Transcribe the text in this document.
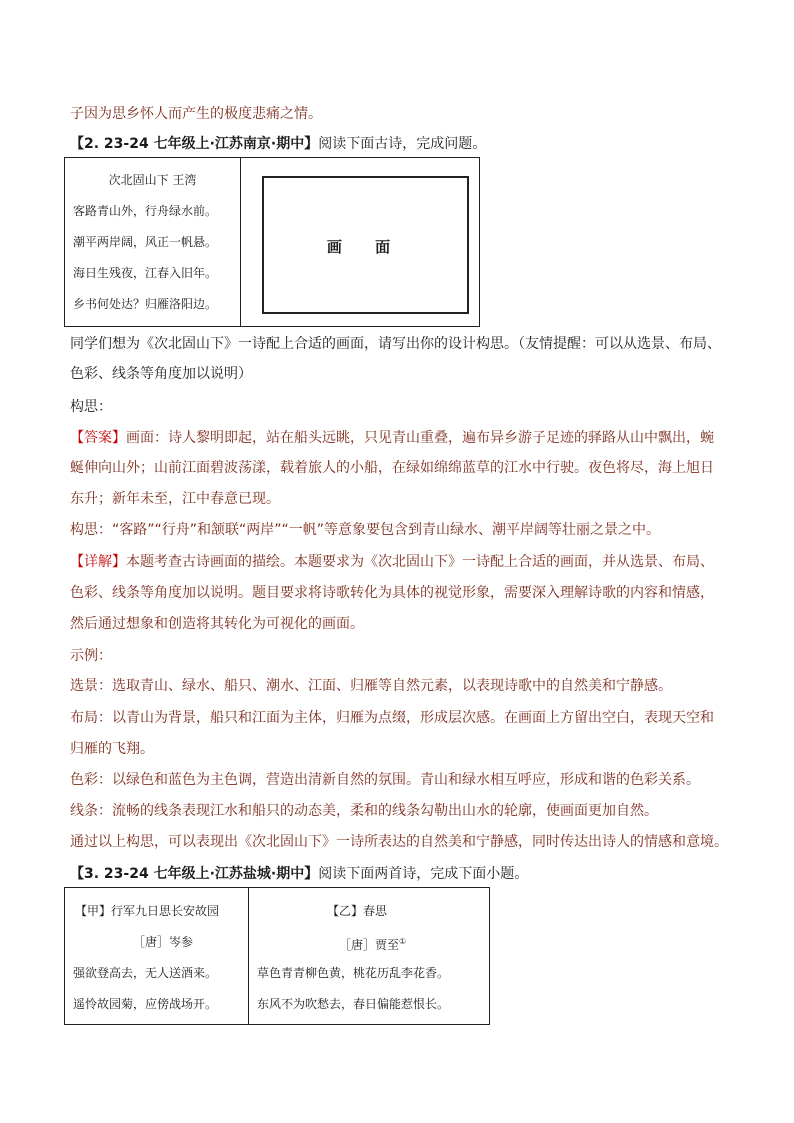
子因为思乡怀人而产生的极度悲痛之情。
【2. 23-24 七年级上·江苏南京·期中】阅读下面古诗，完成问题。
次北固山下 王湾
客路青山外，行舟绿水前。
潮平两岸阔，风正一帆悬。
海日生残夜，江春入旧年。
乡书何处达？归雁洛阳边。

画 面
同学们想为《次北固山下》一诗配上合适的画面，请写出你的设计构思。（友情提醒：可以从选景、布局、
色彩、线条等角度加以说明）
构思：
【答案】画面：诗人黎明即起，站在船头远眺，只见青山重叠，遍布异乡游子足迹的驿路从山中飘出，蜿
蜒伸向山外；山前江面碧波荡漾，载着旅人的小船，在绿如绵绵蓝草的江水中行驶。夜色将尽，海上旭日
东升；新年未至，江中春意已现。
构思：“客路”“行舟”和颔联“两岸”“一帆”等意象要包含到青山绿水、潮平岸阔等壮丽之景之中。
【详解】本题考查古诗画面的描绘。本题要求为《次北固山下》一诗配上合适的画面，并从选景、布局、
色彩、线条等角度加以说明。题目要求将诗歌转化为具体的视觉形象，需要深入理解诗歌的内容和情感，
然后通过想象和创造将其转化为可视化的画面。
示例：
选景：选取青山、绿水、船只、潮水、江面、归雁等自然元素，以表现诗歌中的自然美和宁静感。
布局：以青山为背景，船只和江面为主体，归雁为点缀，形成层次感。在画面上方留出空白，表现天空和
归雁的飞翔。
色彩：以绿色和蓝色为主色调，营造出清新自然的氛围。青山和绿水相互呼应，形成和谐的色彩关系。
线条：流畅的线条表现江水和船只的动态美，柔和的线条勾勒出山水的轮廓，使画面更加自然。
通过以上构思，可以表现出《次北固山下》一诗所表达的自然美和宁静感，同时传达出诗人的情感和意境。
【3. 23-24 七年级上·江苏盐城·期中】阅读下面两首诗，完成下面小题。
【甲】行军九日思长安故园
［唐］岑参
强欲登高去，无人送酒来。
遥怜故园菊，应傍战场开。

【乙】春思
［唐］贾至①
草色青青柳色黄，桃花历乱李花香。
东风不为吹愁去，春日偏能惹恨长。
